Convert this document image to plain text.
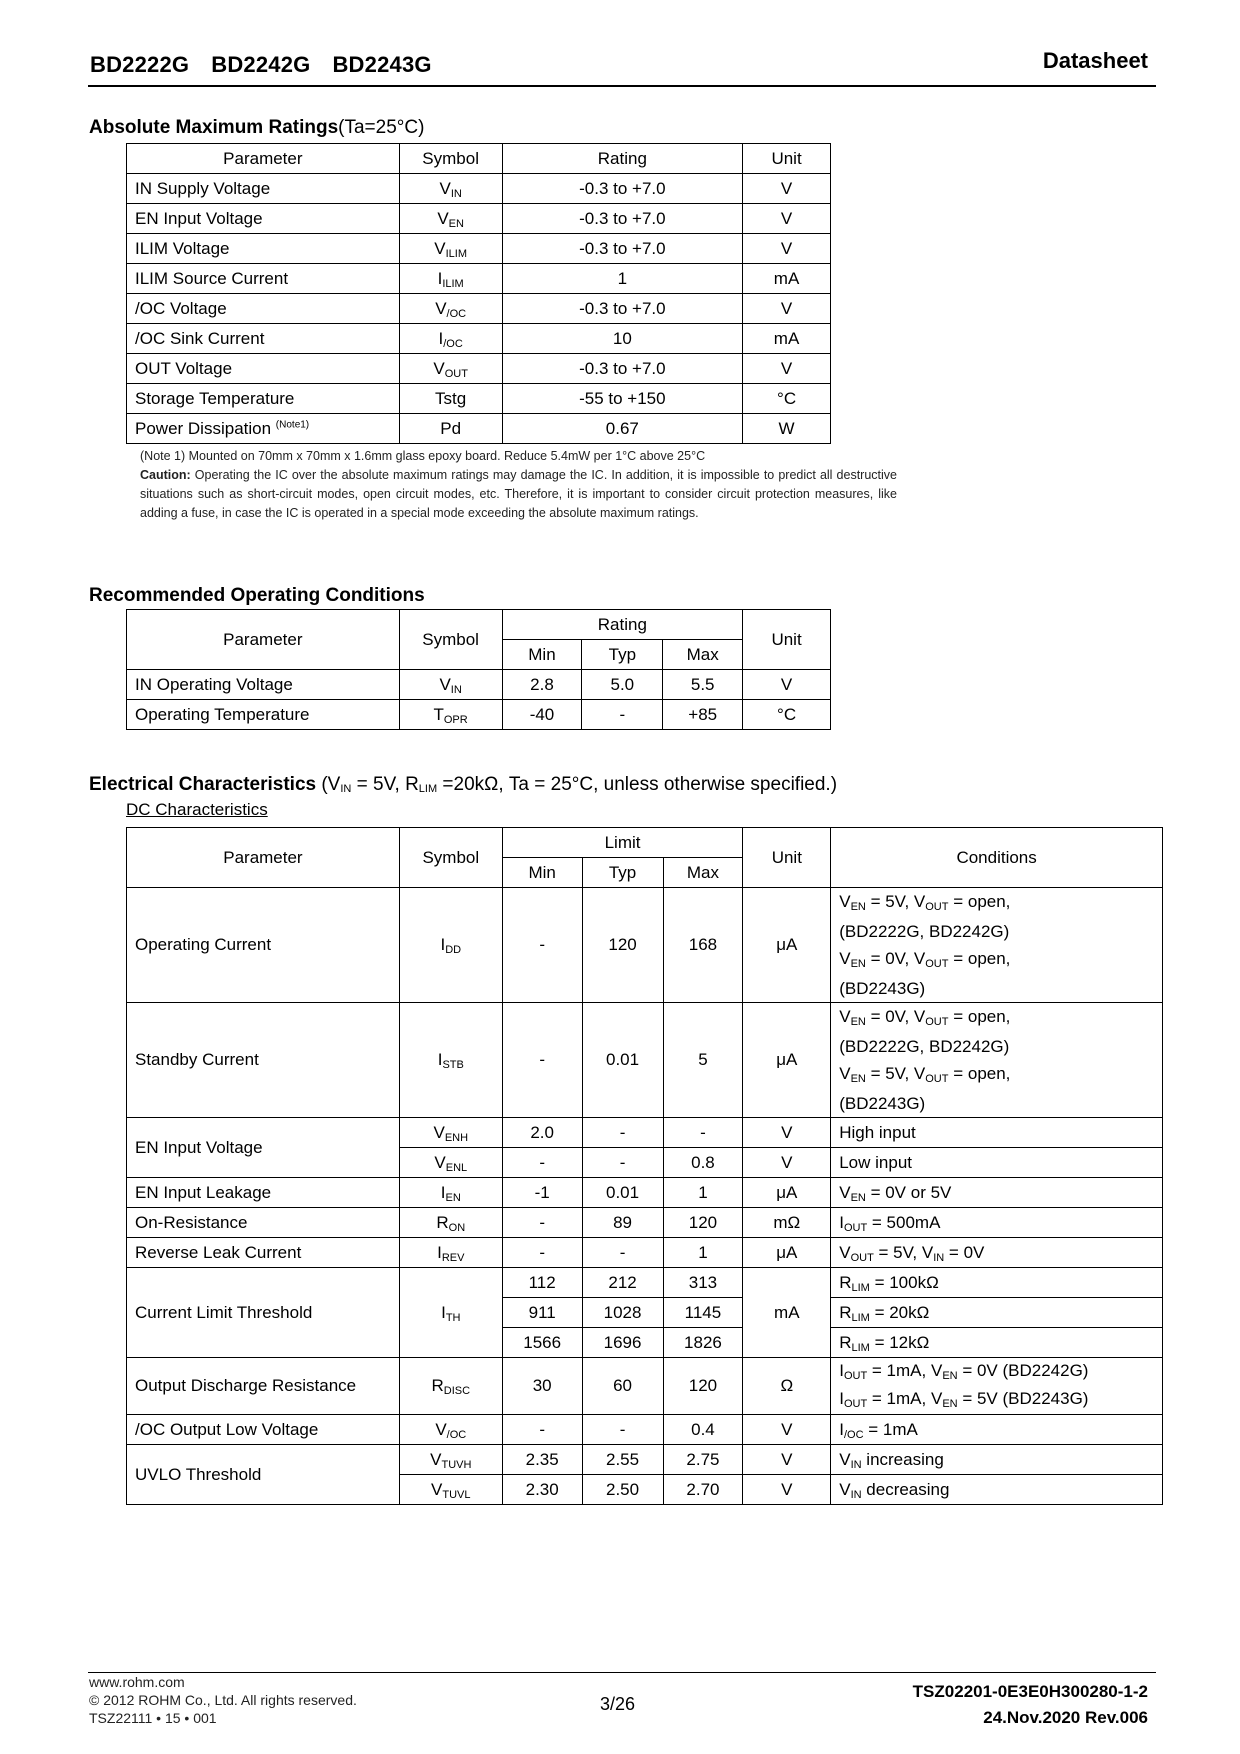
BD2222G BD2242G BD2243G	Datasheet
Absolute Maximum Ratings(Ta=25°C)
Parameter	Symbol	Rating	Unit
IN Supply Voltage	VIN	-0.3 to +7.0	V
EN Input Voltage	VEN	-0.3 to +7.0	V
ILIM Voltage	VILIM	-0.3 to +7.0	V
ILIM Source Current	IILIM	1	mA
/OC Voltage	V/OC	-0.3 to +7.0	V
/OC Sink Current	I/OC	10	mA
OUT Voltage	VOUT	-0.3 to +7.0	V
Storage Temperature	Tstg	-55 to +150	°C
Power Dissipation $^{(Note1)}$	Pd	0.67	W
(Note 1) Mounted on 70mm x 70mm x 1.6mm glass epoxy board. Reduce 5.4mW per 1°C above 25°C
Caution: Operating the IC over the absolute maximum ratings may damage the IC. In addition, it is impossible to predict all destructive situations such as short-circuit modes, open circuit modes, etc. Therefore, it is important to consider circuit protection measures, like adding a fuse, in case the IC is operated in a special mode exceeding the absolute maximum ratings.
Recommended Operating Conditions
Parameter	Symbol	Rating			Unit
		Min	Typ	Max	
IN Operating Voltage	VIN	2.8	5.0	5.5	V
Operating Temperature	TOPR	-40	-	+85	°C
Electrical Characteristics ($V_{IN} = 5V$, $R_{LIM} =20k\Omega$, Ta = 25°C, unless otherwise specified.)
DC Characteristics
Parameter	Symbol	Limit			Unit	Conditions
		Min	Typ	Max		
Operating Current	IDD	-	120	168	μA	VEN = 5V, VOUT = open,
(BD2222G, BD2242G)
VEN = 0V, VOUT = open,
(BD2243G)

Standby Current	ISTB	-	0.01	5	μA	VEN = 0V, VOUT = open,
(BD2222G, BD2242G)
VEN = 5V, VOUT = open,
(BD2243G)

EN Input Voltage	VENH	2.0	-	-	V	High input
	VENL	-	-	0.8	V	Low input
EN Input Leakage	IEN	-1	0.01	1	μA	VEN = 0V or 5V
On-Resistance	RON	-	89	120	mΩ	IOUT = 500mA
Reverse Leak Current	IREV	-	-	1	μA	VOUT = 5V, VIN = 0V
Current Limit Threshold	ITH	112	212	313	mA	RLIM = 100kΩ
		911	1028	1145		RLIM = 20kΩ
		1566	1696	1826		RLIM = 12kΩ
Output Discharge Resistance	RDISC	30	60	120	Ω	IOUT = 1mA, VEN = 0V (BD2242G)
IOUT = 1mA, VEN = 5V (BD2243G)

/OC Output Low Voltage	V/OC	-	-	0.4	V	I/OC = 1mA
UVLO Threshold	VTUVH	2.35	2.55	2.75	V	VIN increasing
	VTUVL	2.30	2.50	2.70	V	VIN decreasing
www.rohm.com
© 2012 ROHM Co., Ltd. All rights reserved.
TSZ22111 • 15 • 001
3/26
TSZ02201-0E3E0H300280-1-2
24.Nov.2020 Rev.006
